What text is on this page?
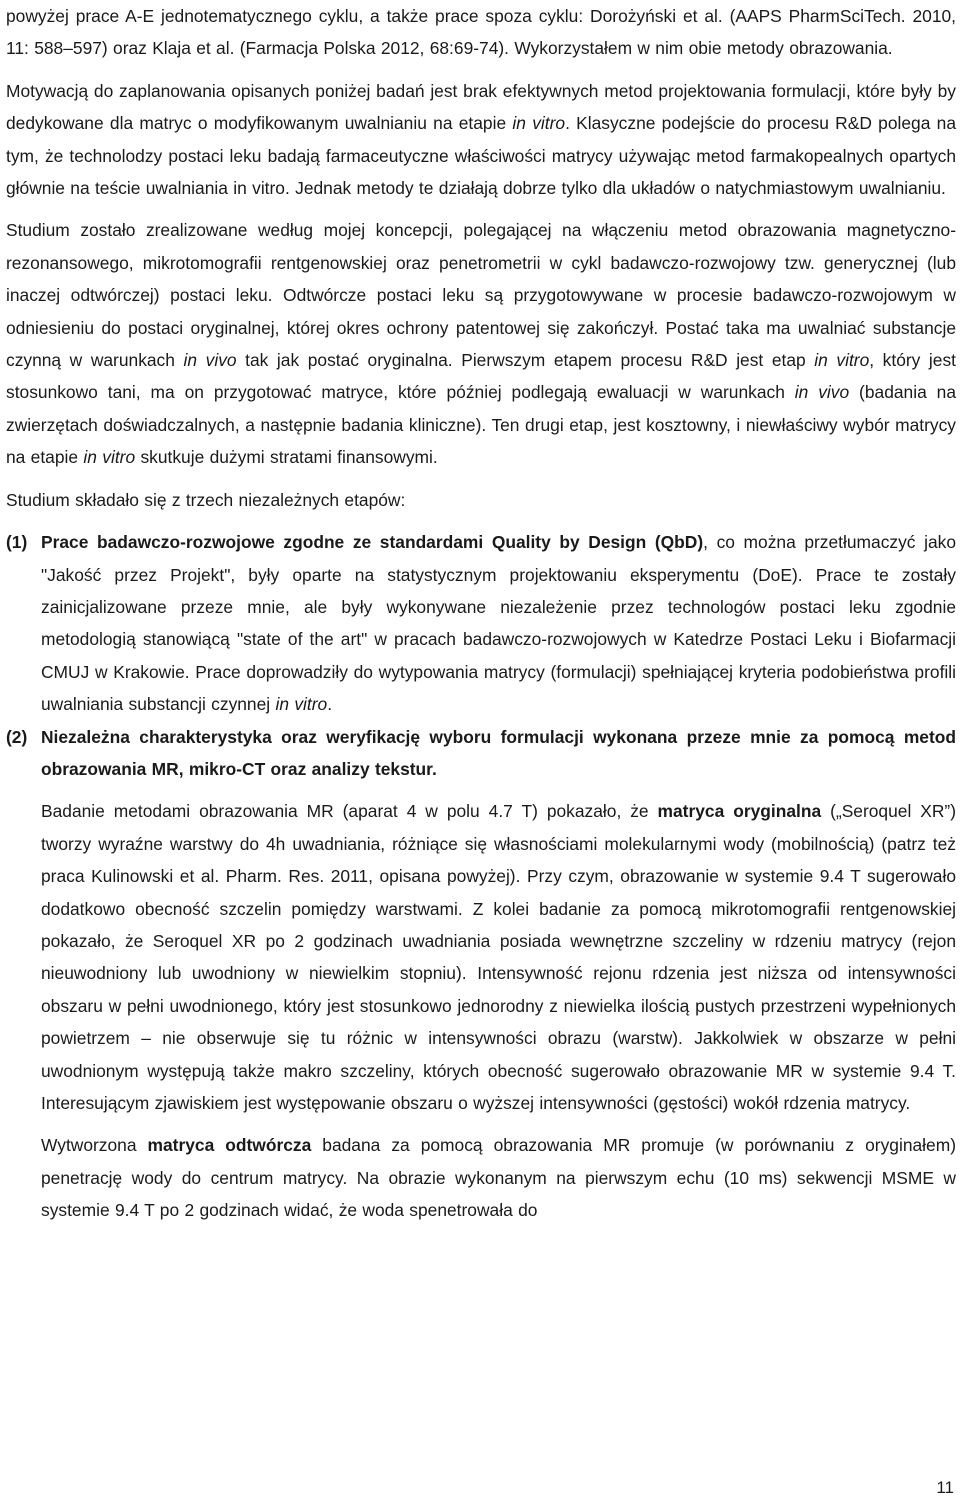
powyżej prace A-E jednotematycznego cyklu, a także prace spoza cyklu: Dorożyński et al. (AAPS PharmSciTech. 2010, 11: 588–597) oraz Klaja et al. (Farmacja Polska 2012, 68:69-74). Wykorzystałem w nim obie metody obrazowania.

Motywacją do zaplanowania opisanych poniżej badań jest brak efektywnych metod projektowania formulacji, które były by dedykowane dla matryc o modyfikowanym uwalnianiu na etapie in vitro. Klasyczne podejście do procesu R&D polega na tym, że technolodzy postaci leku badają farmaceutyczne właściwości matrycy używając metod farmakopealnych opartych głównie na teście uwalniania in vitro. Jednak metody te działają dobrze tylko dla układów o natychmiastowym uwalnianiu.

Studium zostało zrealizowane według mojej koncepcji, polegającej na włączeniu metod obrazowania magnetyczno-rezonansowego, mikrotomografii rentgenowskiej oraz penetrometrii w cykl badawczo-rozwojowy tzw. generycznej (lub inaczej odtwórczej) postaci leku. Odtwórcze postaci leku są przygotowywane w procesie badawczo-rozwojowym w odniesieniu do postaci oryginalnej, której okres ochrony patentowej się zakończył. Postać taka ma uwalniać substancje czynną w warunkach in vivo tak jak postać oryginalna. Pierwszym etapem procesu R&D jest etap in vitro, który jest stosunkowo tani, ma on przygotować matryce, które później podlegają ewaluacji w warunkach in vivo (badania na zwierzętach doświadczalnych, a następnie badania kliniczne). Ten drugi etap, jest kosztowny, i niewłaściwy wybór matrycy na etapie in vitro skutkuje dużymi stratami finansowymi.

Studium składało się z trzech niezależnych etapów:

(1) Prace badawczo-rozwojowe zgodne ze standardami Quality by Design (QbD), co można przetłumaczyć jako "Jakość przez Projekt", były oparte na statystycznym projektowaniu eksperymentu (DoE). Prace te zostały zainicjalizowane przeze mnie, ale były wykonywane niezależenie przez technologów postaci leku zgodnie metodologią stanowiącą "state of the art" w pracach badawczo-rozwojowych w Katedrze Postaci Leku i Biofarmacji CMUJ w Krakowie. Prace doprowadziły do wytypowania matrycy (formulacji) spełniającej kryteria podobieństwa profili uwalniania substancji czynnej in vitro.

(2) Niezależna charakterystyka oraz weryfikację wyboru formulacji wykonana przeze mnie za pomocą metod obrazowania MR, mikro-CT oraz analizy tekstur.

Badanie metodami obrazowania MR (aparat 4 w polu 4.7 T) pokazało, że matryca oryginalna („Seroquel XR”) tworzy wyraźne warstwy do 4h uwadniania, różniące się własnościami molekularnymi wody (mobilnością) (patrz też praca Kulinowski et al. Pharm. Res. 2011, opisana powyżej). Przy czym, obrazowanie w systemie 9.4 T sugerowało dodatkowo obecność szczelin pomiędzy warstwami. Z kolei badanie za pomocą mikrotomografii rentgenowskiej pokazało, że Seroquel XR po 2 godzinach uwadniania posiada wewnętrzne szczeliny w rdzeniu matrycy (rejon nieuwodniony lub uwodniony w niewielkim stopniu). Intensywność rejonu rdzenia jest niższa od intensywności obszaru w pełni uwodnionego, który jest stosunkowo jednorodny z niewielka ilością pustych przestrzeni wypełnionych powietrzem – nie obserwuje się tu różnic w intensywności obrazu (warstw). Jakkolwiek w obszarze w pełni uwodnionym występują także makro szczeliny, których obecność sugerowało obrazowanie MR w systemie 9.4 T. Interesującym zjawiskiem jest występowanie obszaru o wyższej intensywności (gęstości) wokół rdzenia matrycy.

Wytworzona matryca odtwórcza badana za pomocą obrazowania MR promuje (w porównaniu z oryginałem) penetrację wody do centrum matrycy. Na obrazie wykonanym na pierwszym echu (10 ms) sekwencji MSME w systemie 9.4 T po 2 godzinach widać, że woda spenetrowała do

11
